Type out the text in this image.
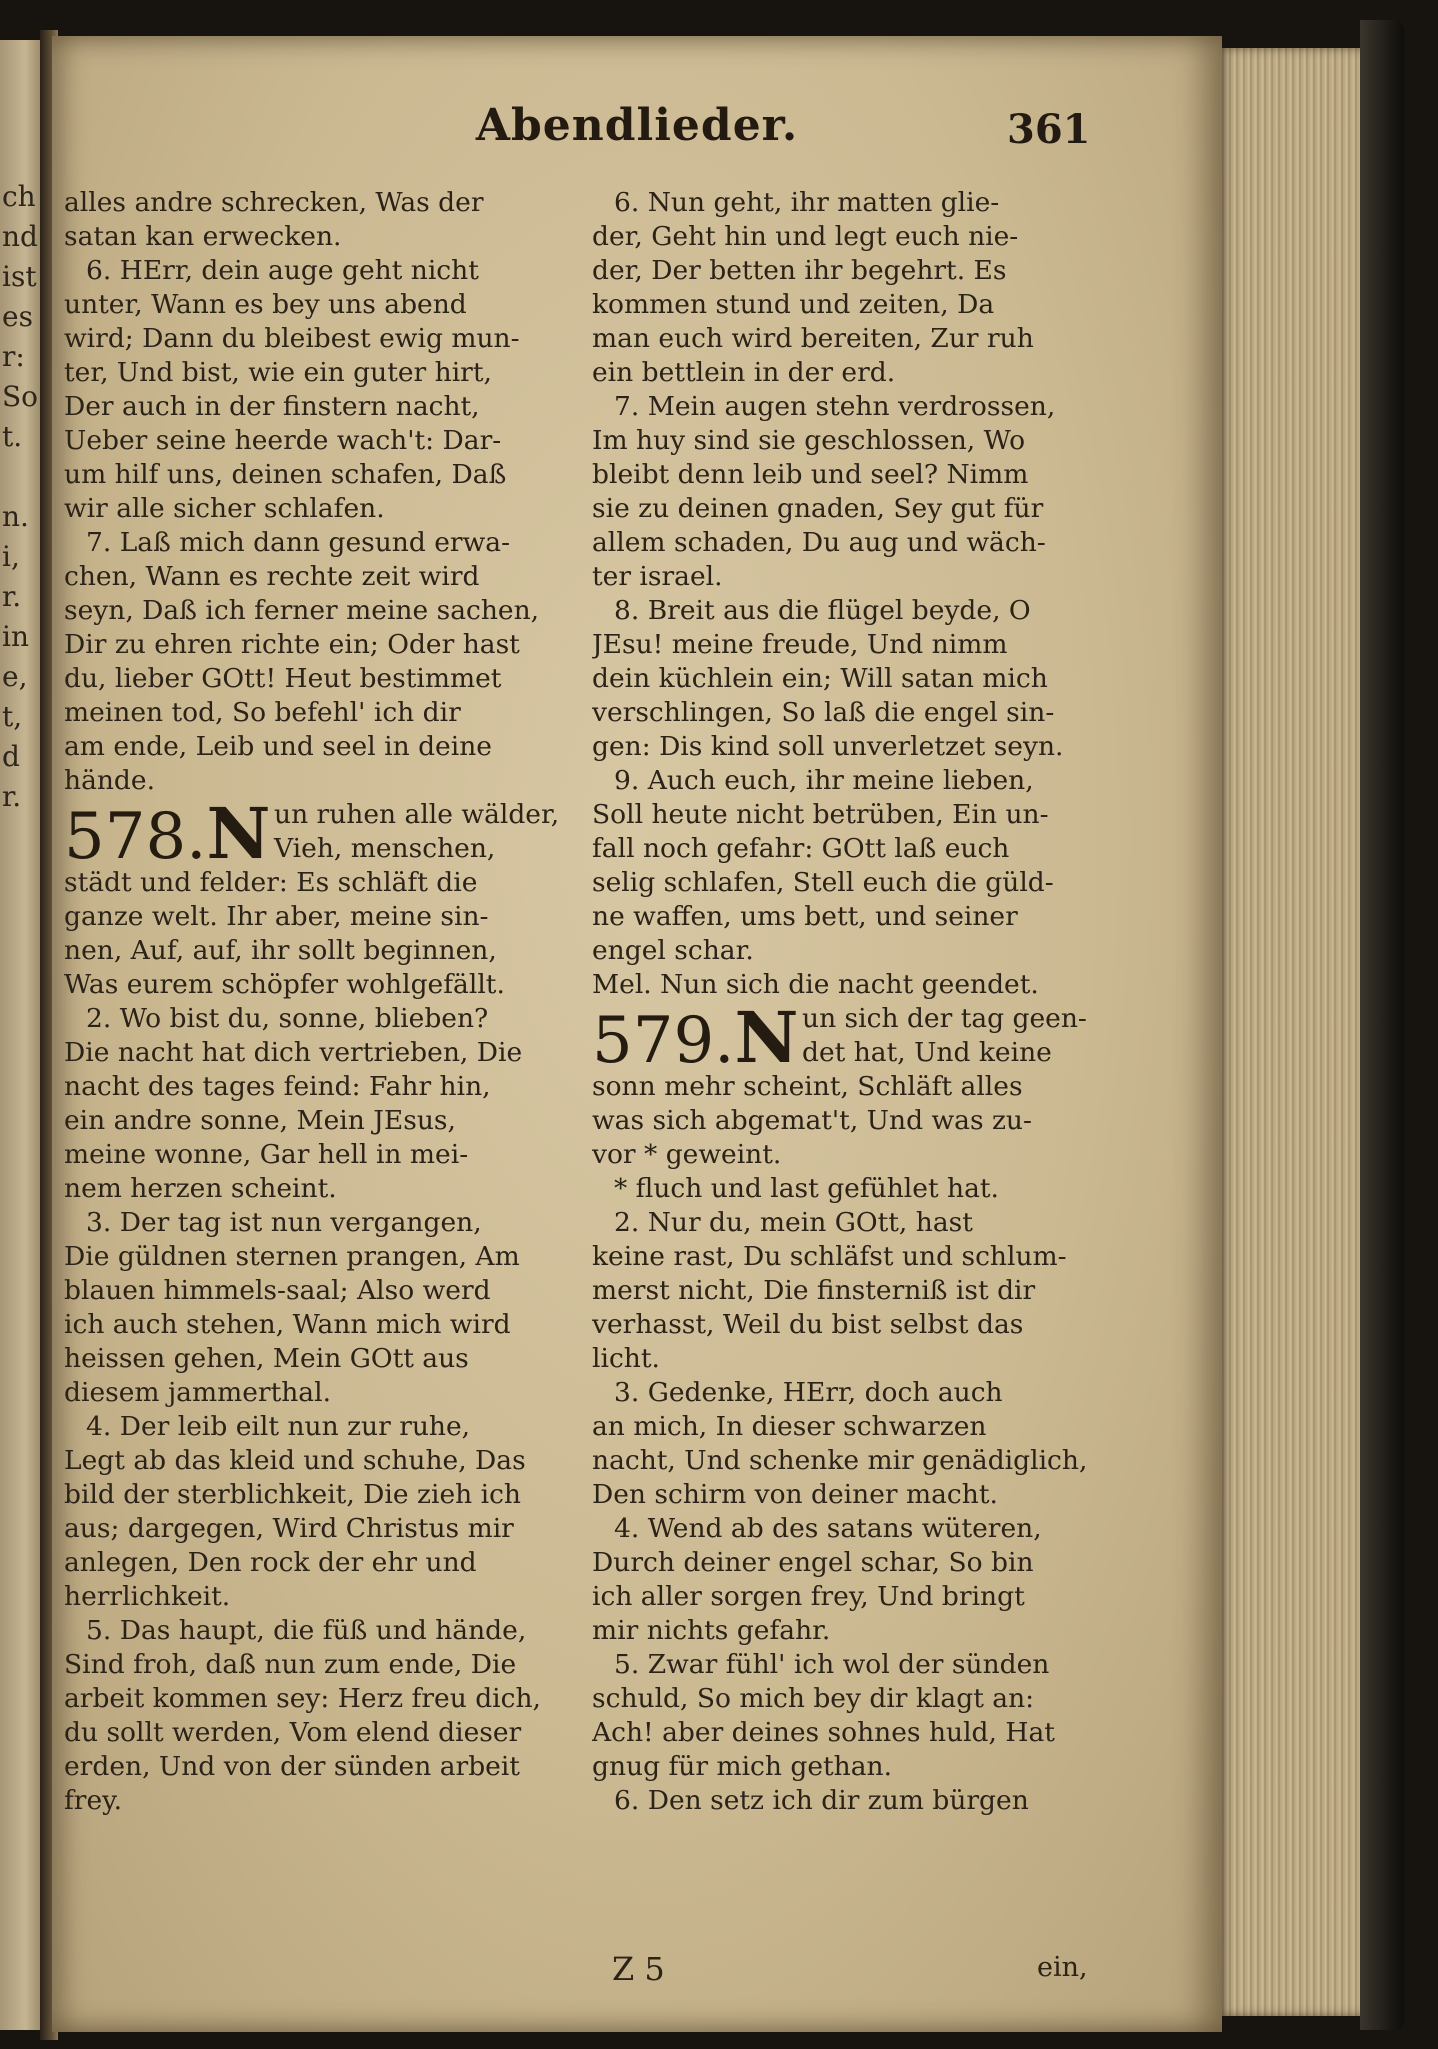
ch
nd
ist
es
r:
So
t.
n.
i,
r.
in
e,
t,
d
r.
Abendlieder.	361
alles andre schrecken, Was der
satan kan erwecken.
6. HErr, dein auge geht nicht
unter, Wann es bey uns abend
wird; Dann du bleibest ewig mun-
ter, Und bist, wie ein guter hirt,
Der auch in der finstern nacht,
Ueber seine heerde wach't: Dar-
um hilf uns, deinen schafen, Daß
wir alle sicher schlafen.
7. Laß mich dann gesund erwa-
chen, Wann es rechte zeit wird
seyn, Daß ich ferner meine sachen,
Dir zu ehren richte ein; Oder hast
du, lieber GOtt! Heut bestimmet
meinen tod, So befehl' ich dir
am ende, Leib und seel in deine
hände.
578.N un ruhen alle wälder,
Vieh, menschen,
städt und felder: Es schläft die
ganze welt. Ihr aber, meine sin-
nen, Auf, auf, ihr sollt beginnen,
Was eurem schöpfer wohlgefällt.
2. Wo bist du, sonne, blieben?
Die nacht hat dich vertrieben, Die
nacht des tages feind: Fahr hin,
ein andre sonne, Mein JEsus,
meine wonne, Gar hell in mei-
nem herzen scheint.
3. Der tag ist nun vergangen,
Die güldnen sternen prangen, Am
blauen himmels-saal; Also werd
ich auch stehen, Wann mich wird
heissen gehen, Mein GOtt aus
diesem jammerthal.
4. Der leib eilt nun zur ruhe,
Legt ab das kleid und schuhe, Das
bild der sterblichkeit, Die zieh ich
aus; dargegen, Wird Christus mir
anlegen, Den rock der ehr und
herrlichkeit.
5. Das haupt, die füß und hände,
Sind froh, daß nun zum ende, Die
arbeit kommen sey: Herz freu dich,
du sollt werden, Vom elend dieser
erden, Und von der sünden arbeit
frey.
6. Nun geht, ihr matten glie-
der, Geht hin und legt euch nie-
der, Der betten ihr begehrt. Es
kommen stund und zeiten, Da
man euch wird bereiten, Zur ruh
ein bettlein in der erd.
7. Mein augen stehn verdrossen,
Im huy sind sie geschlossen, Wo
bleibt denn leib und seel? Nimm
sie zu deinen gnaden, Sey gut für
allem schaden, Du aug und wäch-
ter israel.
8. Breit aus die flügel beyde, O
JEsu! meine freude, Und nimm
dein küchlein ein; Will satan mich
verschlingen, So laß die engel sin-
gen: Dis kind soll unverletzet seyn.
9. Auch euch, ihr meine lieben,
Soll heute nicht betrüben, Ein un-
fall noch gefahr: GOtt laß euch
selig schlafen, Stell euch die güld-
ne waffen, ums bett, und seiner
engel schar.
Mel. Nun sich die nacht geendet.
579.N un sich der tag geen-
det hat, Und keine
sonn mehr scheint, Schläft alles
was sich abgemat't, Und was zu-
vor * geweint.
* fluch und last gefühlet hat.
2. Nur du, mein GOtt, hast
keine rast, Du schläfst und schlum-
merst nicht, Die finsterniß ist dir
verhasst, Weil du bist selbst das
licht.
3. Gedenke, HErr, doch auch
an mich, In dieser schwarzen
nacht, Und schenke mir genädiglich,
Den schirm von deiner macht.
4. Wend ab des satans wüteren,
Durch deiner engel schar, So bin
ich aller sorgen frey, Und bringt
mir nichts gefahr.
5. Zwar fühl' ich wol der sünden
schuld, So mich bey dir klagt an:
Ach! aber deines sohnes huld, Hat
gnug für mich gethan.
6. Den setz ich dir zum bürgen
Z 5	ein,
